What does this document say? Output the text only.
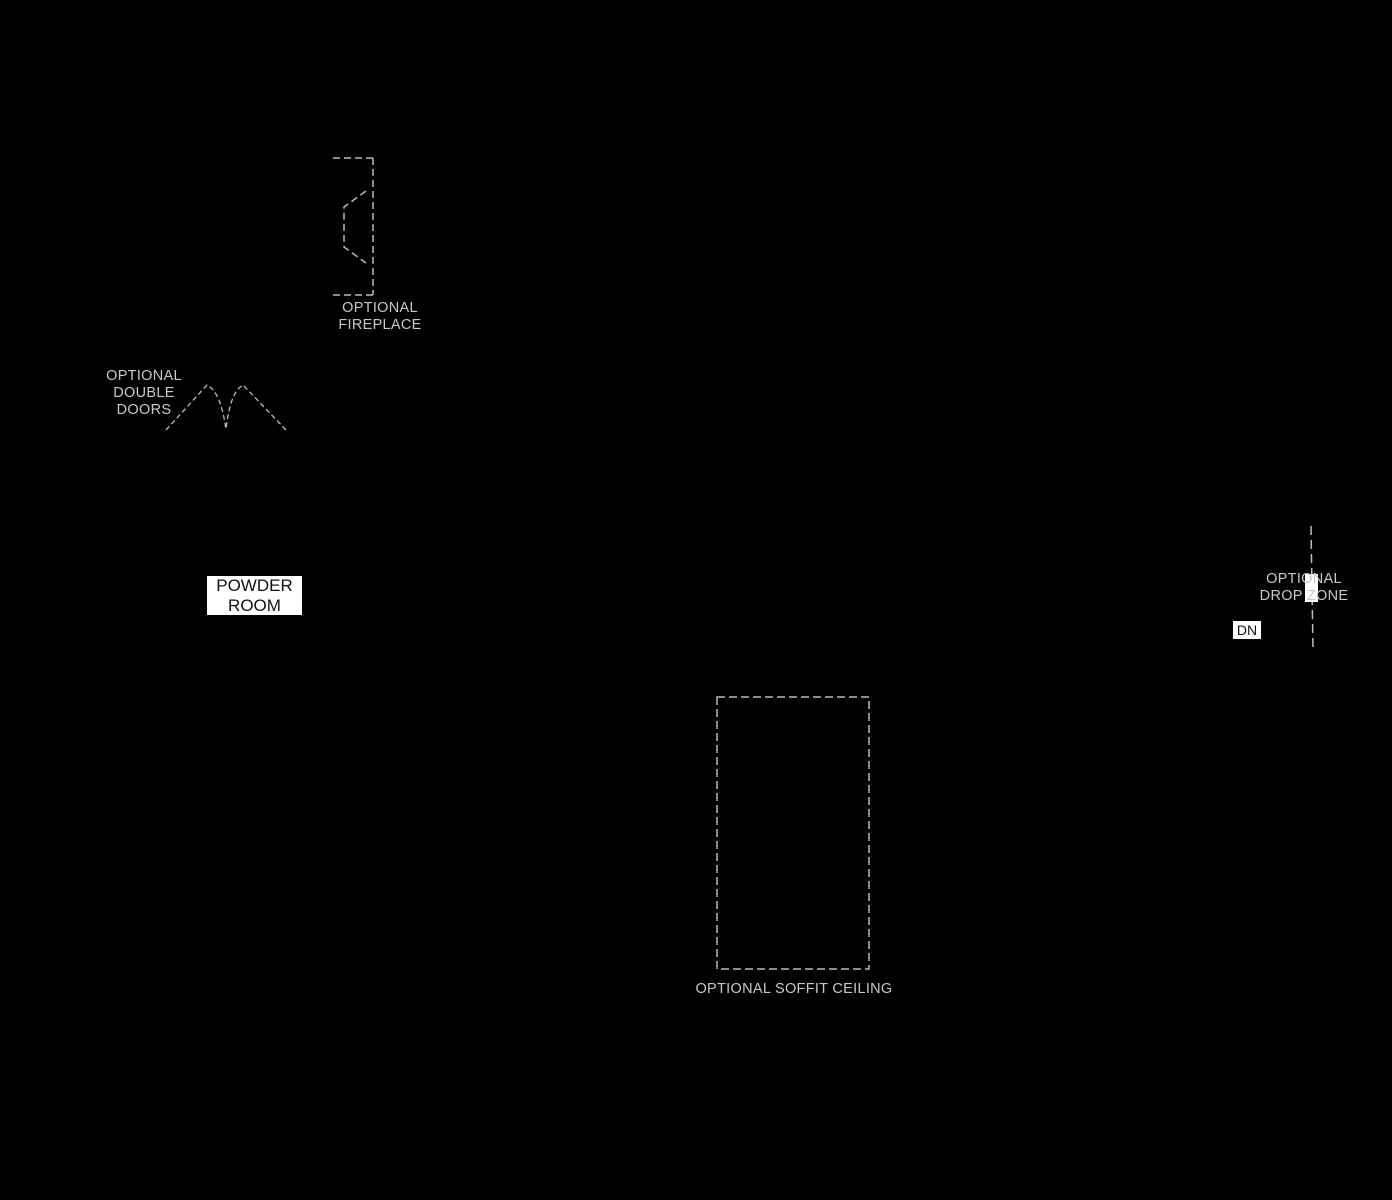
OPTIONAL
FIREPLACE
OPTIONAL
DOUBLE
DOORS
POWDER
ROOM
OPTIONAL
DROP ZONE
DN
OPTIONAL SOFFIT CEILING
